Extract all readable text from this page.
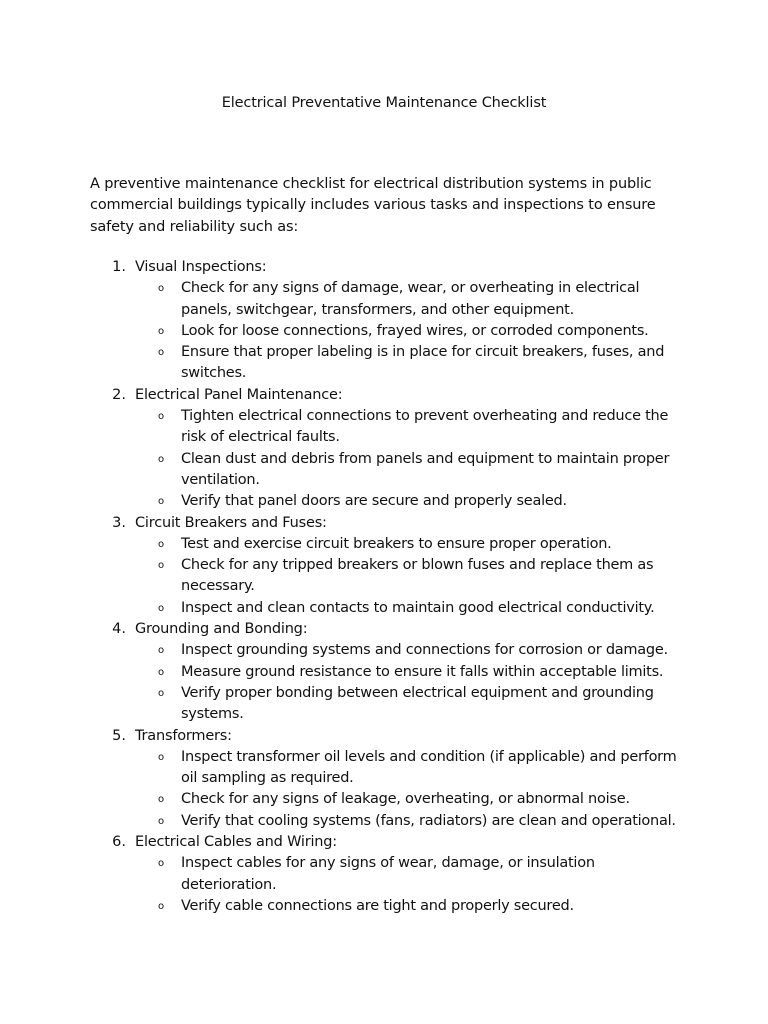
Electrical Preventative Maintenance Checklist

A preventive maintenance checklist for electrical distribution systems in public commercial buildings typically includes various tasks and inspections to ensure safety and reliability such as:

1. Visual Inspections:
o Check for any signs of damage, wear, or overheating in electrical panels, switchgear, transformers, and other equipment.
o Look for loose connections, frayed wires, or corroded components.
o Ensure that proper labeling is in place for circuit breakers, fuses, and switches.
2. Electrical Panel Maintenance:
o Tighten electrical connections to prevent overheating and reduce the risk of electrical faults.
o Clean dust and debris from panels and equipment to maintain proper ventilation.
o Verify that panel doors are secure and properly sealed.
3. Circuit Breakers and Fuses:
o Test and exercise circuit breakers to ensure proper operation.
o Check for any tripped breakers or blown fuses and replace them as necessary.
o Inspect and clean contacts to maintain good electrical conductivity.
4. Grounding and Bonding:
o Inspect grounding systems and connections for corrosion or damage.
o Measure ground resistance to ensure it falls within acceptable limits.
o Verify proper bonding between electrical equipment and grounding systems.
5. Transformers:
o Inspect transformer oil levels and condition (if applicable) and perform oil sampling as required.
o Check for any signs of leakage, overheating, or abnormal noise.
o Verify that cooling systems (fans, radiators) are clean and operational.
6. Electrical Cables and Wiring:
o Inspect cables for any signs of wear, damage, or insulation deterioration.
o Verify cable connections are tight and properly secured.
